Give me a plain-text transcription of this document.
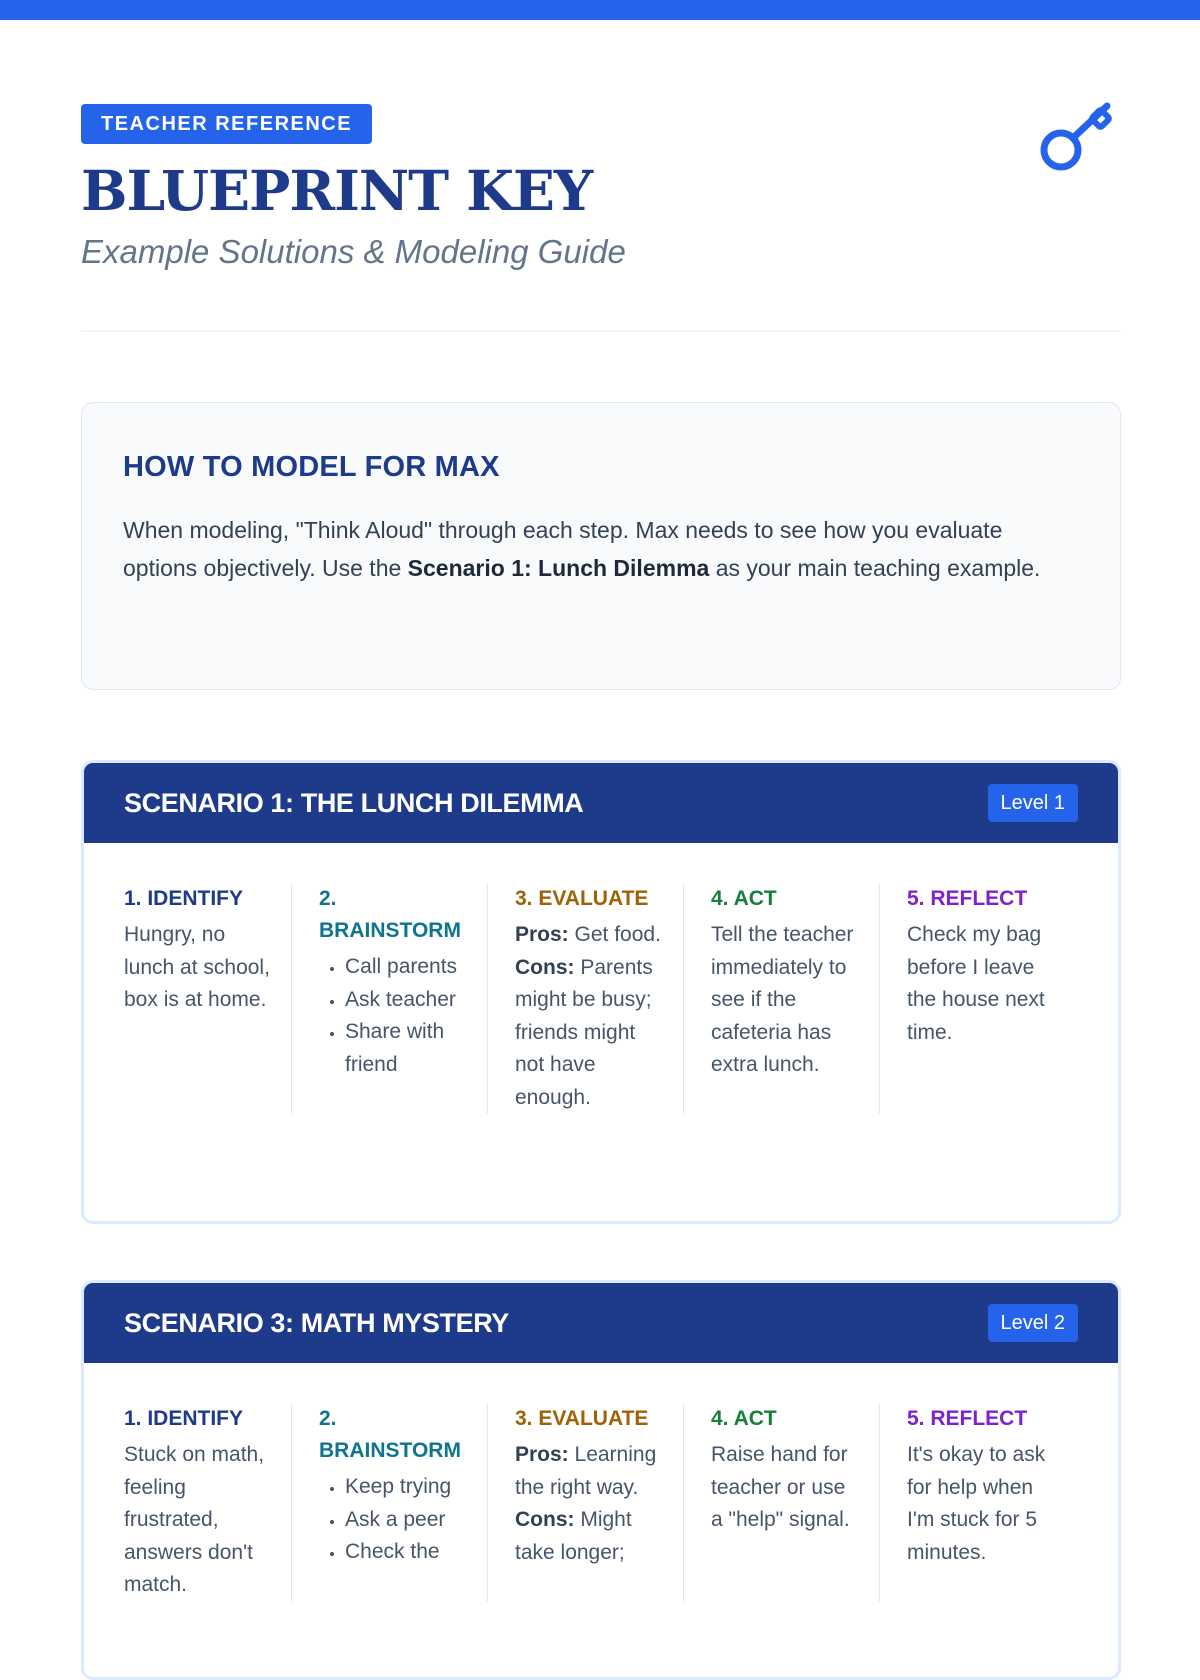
TEACHER REFERENCE
BLUEPRINT KEY

Example Solutions & Modeling Guide

HOW TO MODEL FOR MAX

When modeling, "Think Aloud" through each step. Max needs to see how you evaluate options objectively. Use the Scenario 1: Lunch Dilemma as your main teaching example.

SCENARIO 1: THE LUNCH DILEMMA	Level 1
1. IDENTIFY

Hungry, no lunch at school, box is at home.

2. BRAINSTORM
• Call parents
• Ask teacher
• Share with friend
3. EVALUATE

Pros: Get food.

Cons: Parents might be busy; friends might not have enough.

4. ACT

Tell the teacher immediately to see if the cafeteria has extra lunch.

5. REFLECT

Check my bag before I leave the house next time.

SCENARIO 3: MATH MYSTERY	Level 2
1. IDENTIFY

Stuck on math, feeling frustrated, answers don't match.

2. BRAINSTORM
• Keep trying
• Ask a peer
• Check the
3. EVALUATE

Pros: Learning the right way.

Cons: Might take longer;

4. ACT

Raise hand for teacher or use a "help" signal.

5. REFLECT

It's okay to ask for help when I'm stuck for 5 minutes.
